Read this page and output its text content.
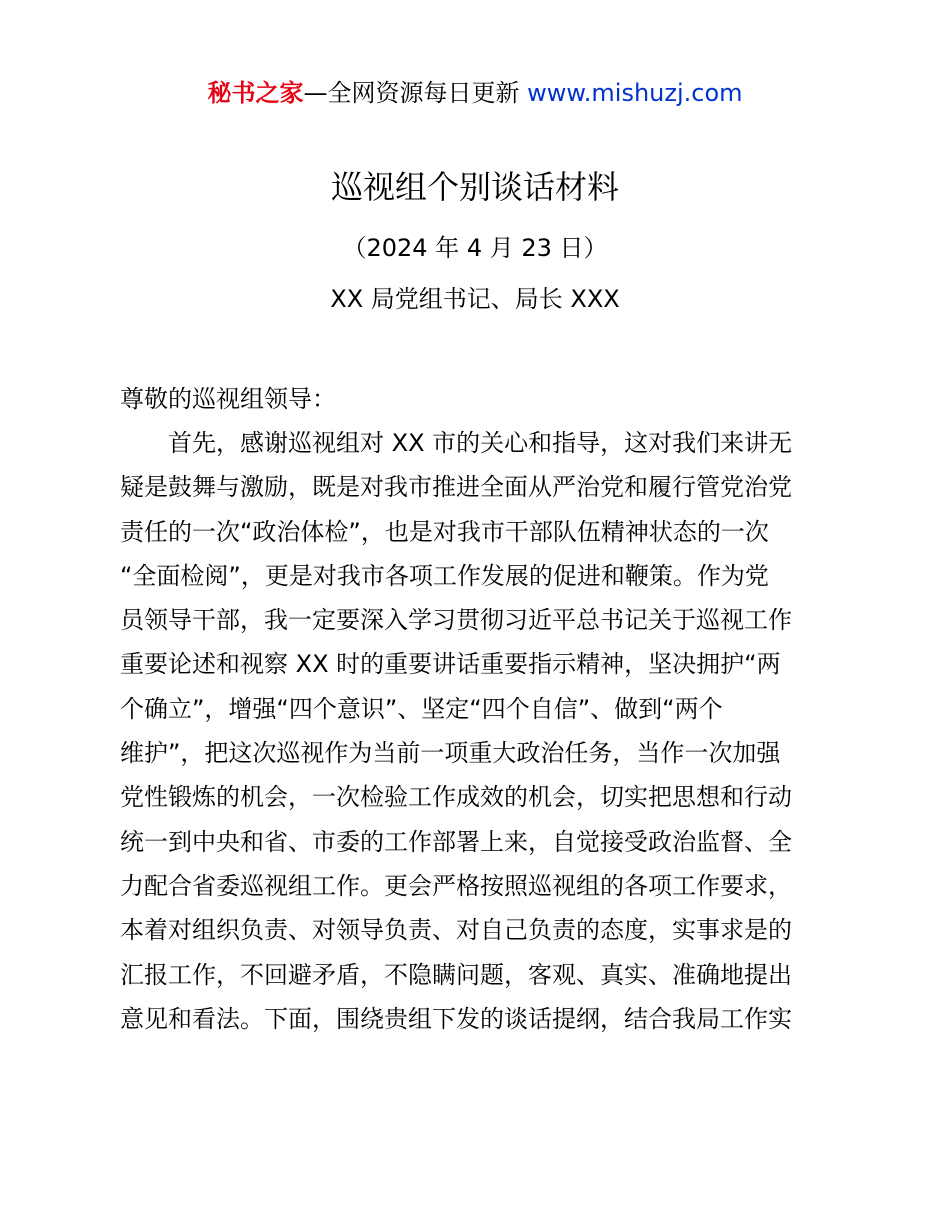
秘书之家—全网资源每日更新 www.mishuzj.com
巡视组个别谈话材料
（2024 年 4 月 23 日）
XX 局党组书记、局长 XXX
尊敬的巡视组领导：
首先，感谢巡视组对 XX 市的关心和指导，这对我们来讲无
疑是鼓舞与激励，既是对我市推进全面从严治党和履行管党治党
责任的一次“政治体检”，也是对我市干部队伍精神状态的一次
“全面检阅”，更是对我市各项工作发展的促进和鞭策。作为党
员领导干部，我一定要深入学习贯彻习近平总书记关于巡视工作
重要论述和视察 XX 时的重要讲话重要指示精神，坚决拥护“两
个确立”，增强“四个意识”、坚定“四个自信”、做到“两个
维护”，把这次巡视作为当前一项重大政治任务，当作一次加强
党性锻炼的机会，一次检验工作成效的机会，切实把思想和行动
统一到中央和省、市委的工作部署上来，自觉接受政治监督、全
力配合省委巡视组工作。更会严格按照巡视组的各项工作要求，
本着对组织负责、对领导负责、对自己负责的态度，实事求是的
汇报工作，不回避矛盾，不隐瞒问题，客观、真实、准确地提出
意见和看法。下面，围绕贵组下发的谈话提纲，结合我局工作实
